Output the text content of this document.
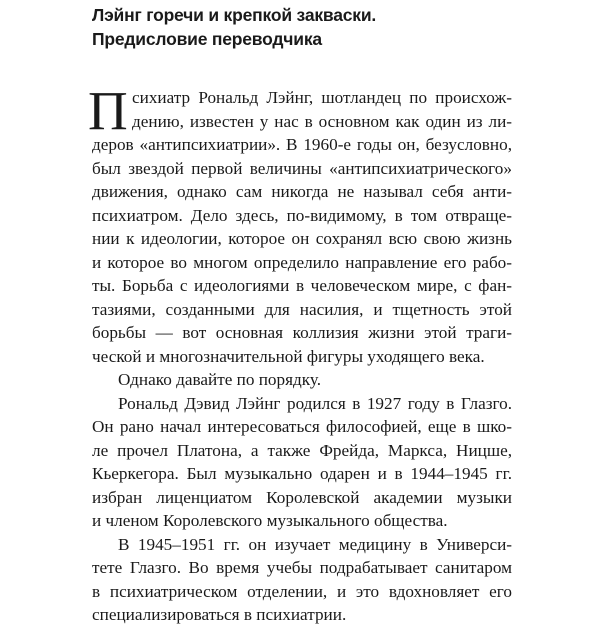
Лэйнг горечи и крепкой закваски.
Предисловие переводчика
П сихиатр Рональд Лэйнг, шотландец по происхож-
дению, известен у нас в основном как один из ли-
деров «антипсихиатрии». В 1960-е годы он, безусловно,
был звездой первой величины «антипсихиатрического»
движения, однако сам никогда не называл себя анти-
психиатром. Дело здесь, по-видимому, в том отвращe-
нии к идеологии, которое он сохранял всю свою жизнь
и которое во многом определило направление его рабо-
ты. Борьба с идеологиями в человеческом мире, с фан-
тазиями, созданными для насилия, и тщетность этой
борьбы — вот основная коллизия жизни этой траги-
ческой и многозначительной фигуры уходящего века.
Однако давайте по порядку.
Рональд Дэвид Лэйнг родился в 1927 году в Глазго.
Он рано начал интересоваться философией, еще в шко-
ле прочел Платона, а также Фрейда, Маркса, Ницше,
Кьеркегора. Был музыкально одарен и в 1944–1945 гг.
избран лиценциатом Королевской академии музыки
и членом Королевского музыкального общества.
В 1945–1951 гг. он изучает медицину в Универси-
тете Глазго. Во время учебы подрабатывает санитаром
в психиатрическом отделении, и это вдохновляет его
специализироваться в психиатрии.
